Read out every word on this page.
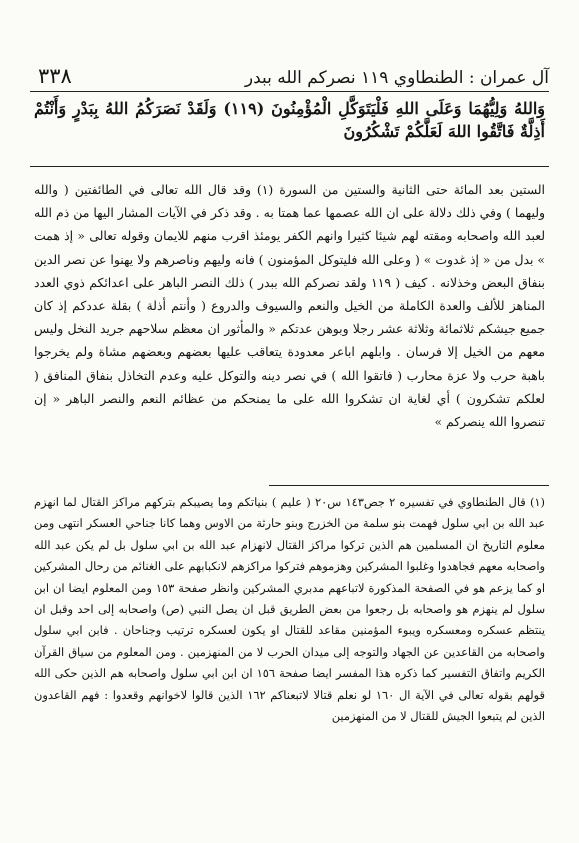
٣٣٨	آل عمران : الطنطاوي ١١٩ نصركم الله ببدر

وَاللهُ وَلِيُّهُمَا وَعَلَى اللهِ فَلْيَتَوَكَّلِ الْمُؤْمِنُونَ (١١٩) وَلَقَدْ نَصَرَكُمُ اللهُ بِبَدْرٍ وَأَنْتُمْ أَذِلَّةٌ فَاتَّقُوا اللهَ لَعَلَّكُمْ تَشْكُرُونَ

الستين بعد المائة حتى الثانية والستين من السورة (١) وقد قال الله تعالى في الطائفتين ( والله وليهما ) وفي ذلك دلالة على ان الله عصمها عما همتا به . وقد ذكر في الآيات المشار اليها من ذم الله لعبد الله واصحابه ومقته لهم شيئا كثيرا وانهم الكفر يومئذ اقرب منهم للايمان وقوله تعالى « إذ همت » بدل من « إذ غدوت » ( وعلى الله فليتوكل المؤمنون ) فانه وليهم وناصرهم ولا يهنوا عن نصر الدين بنفاق البعض وخذلانه . كيف ( ١١٩ ولقد نصركم الله ببدر ) ذلك النصر الباهر على اعدائكم ذوي العدد المناهز للألف والعدة الكاملة من الخيل والنعم والسيوف والدروع ( وأنتم أذلة ) بقلة عددكم إذ كان جميع جيشكم ثلاثمائة وثلاثة عشر رجلا وبوهن عدتكم « والمأثور ان معظم سلاحهم جريد النخل وليس معهم من الخيل إلا فرسان . وابلهم اباعر معدودة يتعاقب عليها بعضهم وبعضهم مشاة ولم يخرجوا باهبة حرب ولا عزة محارب ( فاتقوا الله ) في نصر دينه والتوكل عليه وعدم التخاذل بنفاق المنافق ( لعلكم تشكرون ) أي لغاية ان تشكروا الله على ما يمنحكم من عظائم النعم والنصر الباهر « إن تنصروا الله ينصركم »

(١) قال الطنطاوي في تفسيره ٢ جص١٤٣ س٢٠ ( عليم ) بنياتكم وما يصيبكم بتركهم مراكز القتال لما انهزم عبد الله بن ابي سلول فهمت بنو سلمة من الخزرج وبنو حارثة من الاوس وهما كانا جناحي العسكر انتهى ومن معلوم التاريخ ان المسلمين هم الذين تركوا مراكز القتال لانهزام عبد الله بن ابي سلول بل لم يكن عبد الله واصحابه معهم فجاهدوا وغلبوا المشركين وهزموهم فتركوا مراكزهم لانكبابهم على الغنائم من رحال المشركين او كما يزعم هو في الصفحة المذكورة لاتباعهم مدبري المشركين وانظر صفحة ١٥٣ ومن المعلوم ايضا ان ابن سلول لم ينهزم هو واصحابه بل رجعوا من بعض الطريق قبل ان يصل النبي (ص) واصحابه إلى احد وقبل ان ينتظم عسكره ومعسكره ويبوء المؤمنين مقاعد للقتال او يكون لعسكره ترتيب وجناحان . فابن ابي سلول واصحابه من القاعدين عن الجهاد والتوجه إلى ميدان الحرب لا من المنهزمين . ومن المعلوم من سياق القرآن الكريم واتفاق التفسير كما ذكره هذا المفسر ايضا صفحة ١٥٦ ان ابن ابي سلول واصحابه هم الذين حكى الله قولهم بقوله تعالى في الآية ال ١٦٠ لو نعلم قتالا لاتبعناكم ١٦٢ الذين قالوا لاخوانهم وقعدوا : فهم القاعدون الذين لم يتبعوا الجيش للقتال لا من المنهزمين
